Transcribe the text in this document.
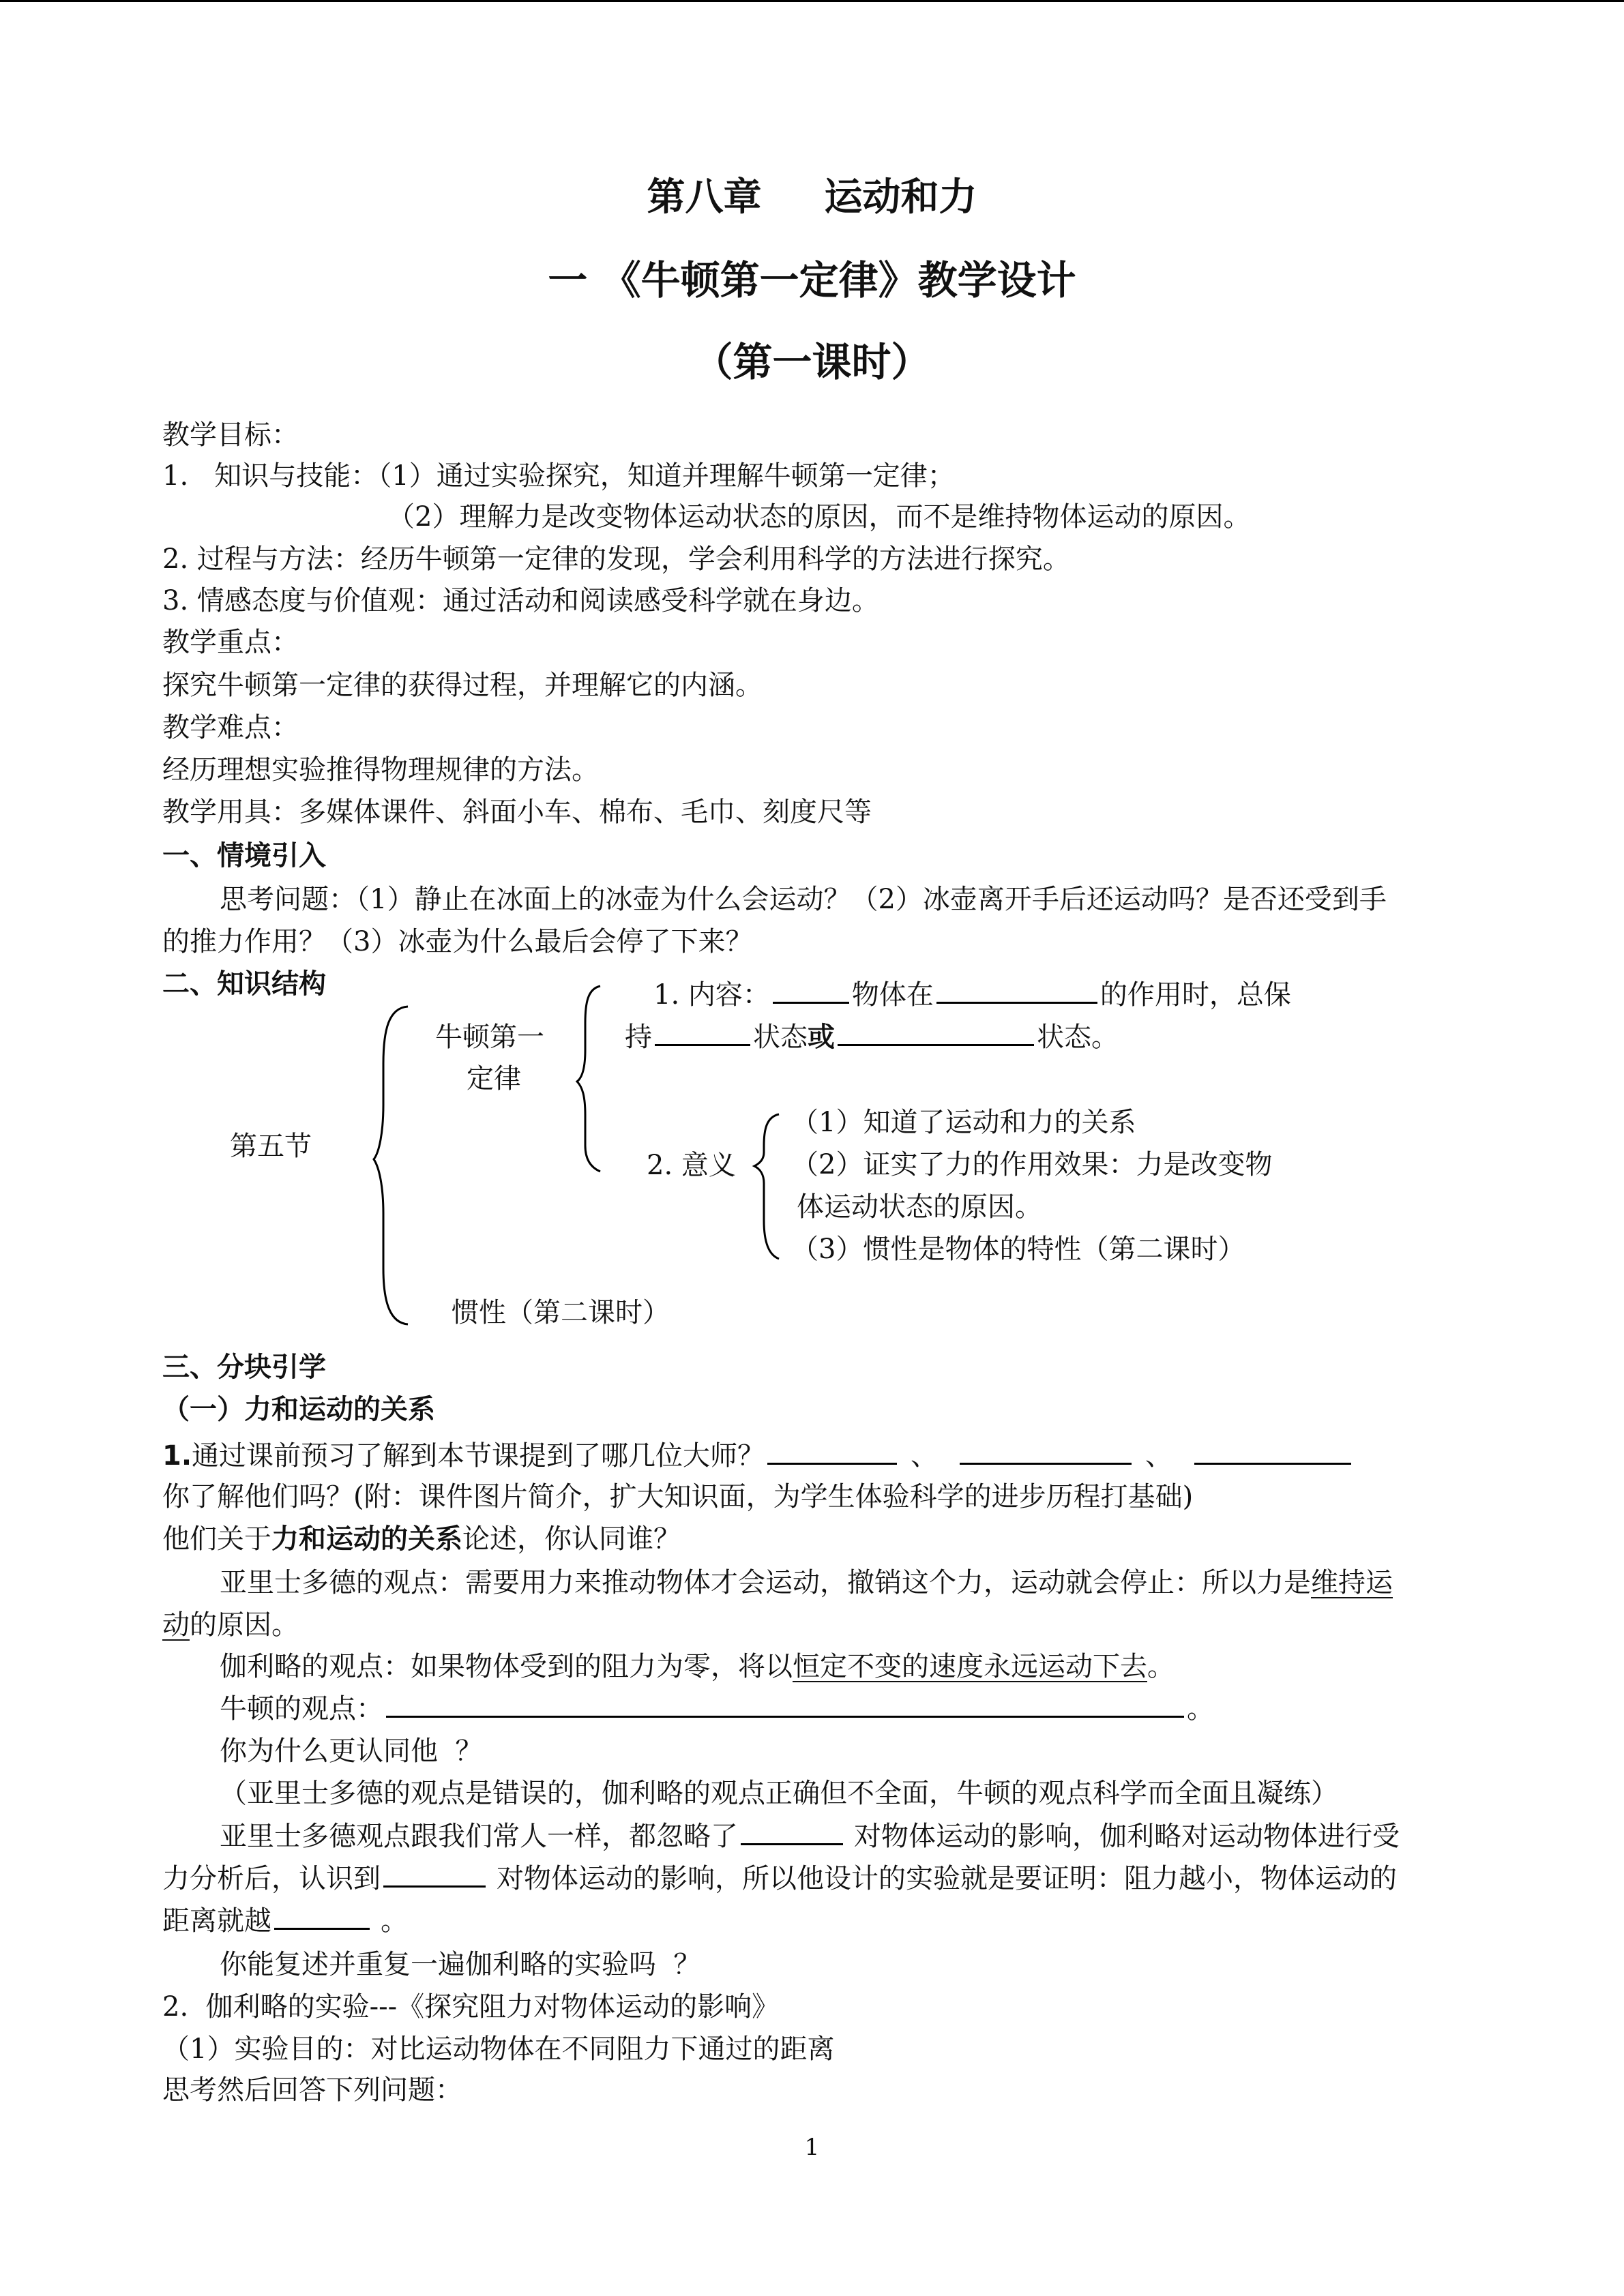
第八章 运动和力
一 《牛顿第一定律》教学设计
（第一课时）
教学目标：
1.   知识与技能：（1）通过实验探究，知道并理解牛顿第一定律；
（2）理解力是改变物体运动状态的原因，而不是维持物体运动的原因。
2. 过程与方法：经历牛顿第一定律的发现，学会利用科学的方法进行探究。
3. 情感态度与价值观：通过活动和阅读感受科学就在身边。
教学重点：
探究牛顿第一定律的获得过程，并理解它的内涵。
教学难点：
经历理想实验推得物理规律的方法。
教学用具：多媒体课件、斜面小车、棉布、毛巾、刻度尺等
一、情境引入
思考问题：（1）静止在冰面上的冰壶为什么会运动？（2）冰壶离开手后还运动吗？是否还受到手
的推力作用？（3）冰壶为什么最后会停了下来？
二、知识结构
第五节
牛顿第一
定律
1. 内容：	物体在	的作用时，总保
持	状态或	状态。
2. 意义
（1）知道了运动和力的关系
（2）证实了力的作用效果：力是改变物
体运动状态的原因。
（3）惯性是物体的特性（第二课时）
惯性（第二课时）
三、分块引学
（一）力和运动的关系
1.通过课前预习了解到本节课提到了哪几位大师？	、	、
你了解他们吗？(附：课件图片简介，扩大知识面，为学生体验科学的进步历程打基础)
他们关于力和运动的关系论述，你认同谁？
亚里士多德的观点：需要用力来推动物体才会运动，撤销这个力，运动就会停止：所以力是维持运
动的原因。
伽利略的观点：如果物体受到的阻力为零，将以恒定不变的速度永远运动下去。
牛顿的观点：	。
你为什么更认同他  ？
（亚里士多德的观点是错误的，伽利略的观点正确但不全面，牛顿的观点科学而全面且凝练）
亚里士多德观点跟我们常人一样，都忽略了	对物体运动的影响，伽利略对运动物体进行受
力分析后，认识到	对物体运动的影响，所以他设计的实验就是要证明：阻力越小，物体运动的
距离就越	。
你能复述并重复一遍伽利略的实验吗  ？
2.  伽利略的实验---《探究阻力对物体运动的影响》
（1）实验目的：对比运动物体在不同阻力下通过的距离
思考然后回答下列问题：
1
